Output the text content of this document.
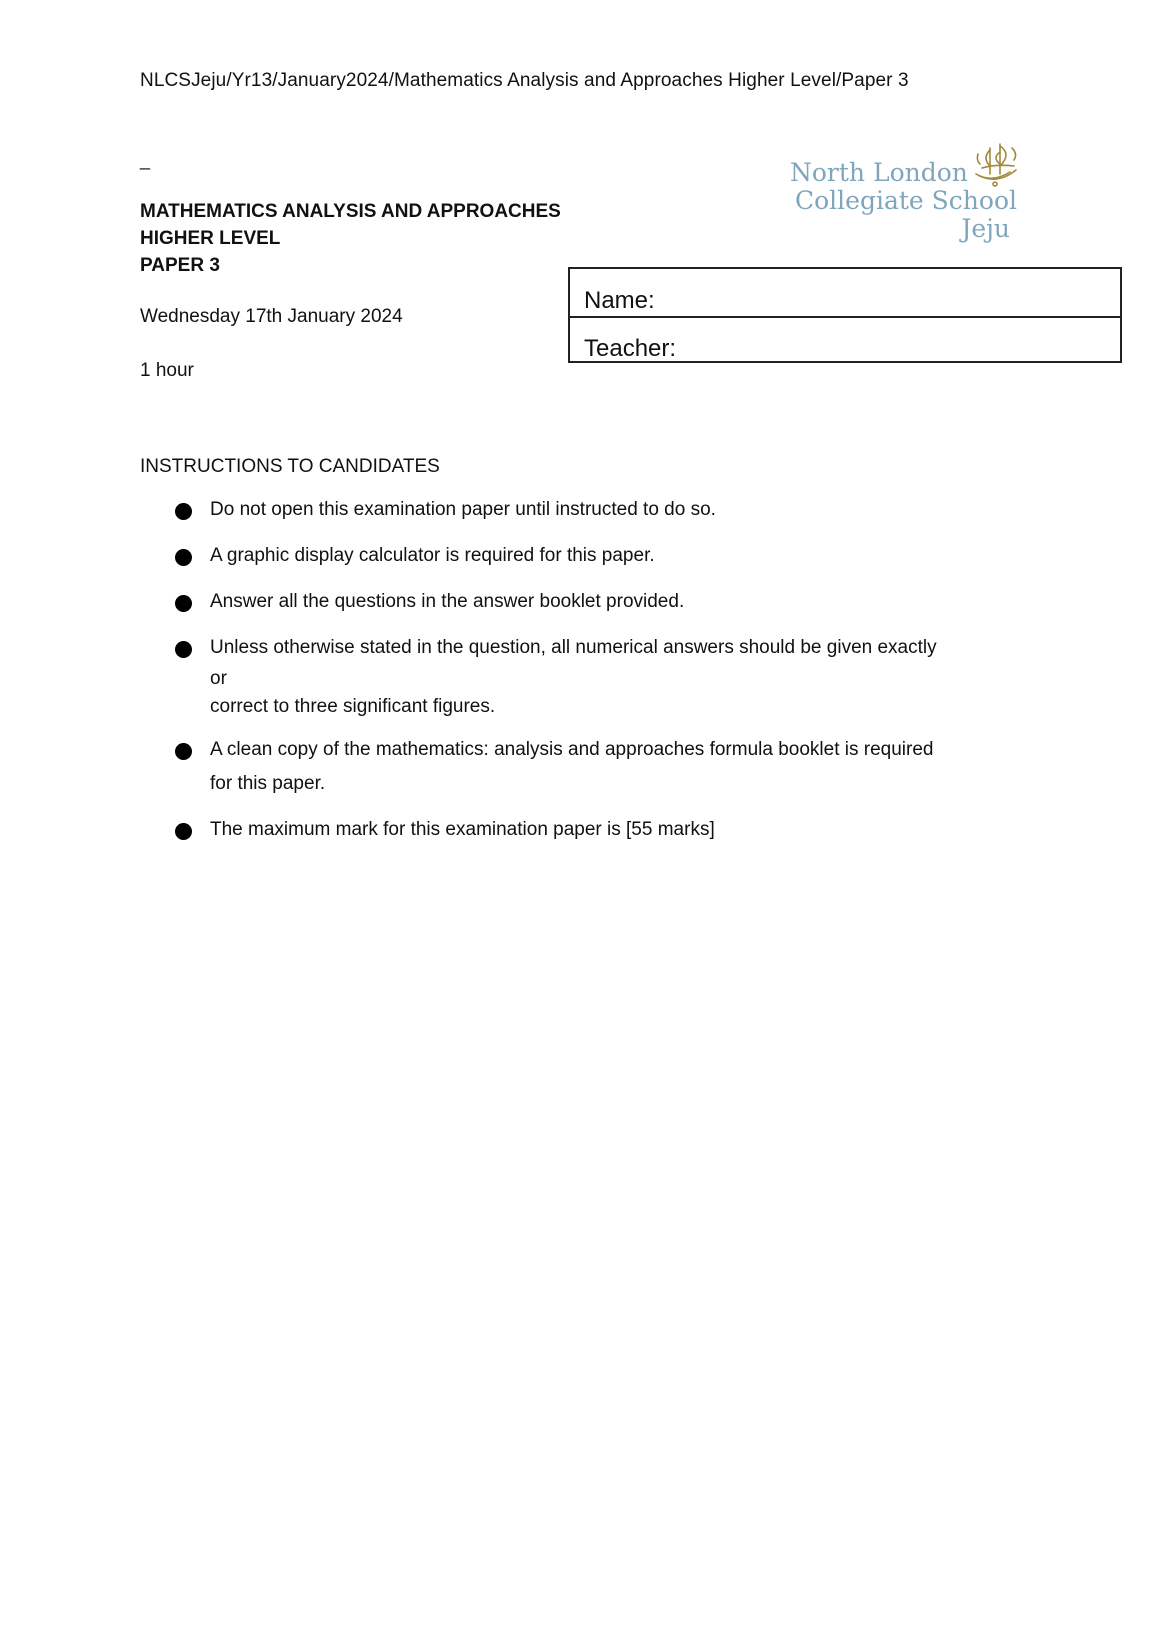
NLCSJeju/Yr13/January2024/Mathematics Analysis and Approaches Higher Level/Paper 3
_
MATHEMATICS ANALYSIS AND APPROACHES
HIGHER LEVEL
PAPER 3
Wednesday 17th January 2024
1 hour
North London
Collegiate School
Jeju
Name:
Teacher:
INSTRUCTIONS TO CANDIDATES
Do not open this examination paper until instructed to do so.
A graphic display calculator is required for this paper.
Answer all the questions in the answer booklet provided.
Unless otherwise stated in the question, all numerical answers should be given exactly
or
correct to three significant figures.
A clean copy of the mathematics: analysis and approaches formula booklet is required
for this paper.
The maximum mark for this examination paper is [55 marks]
